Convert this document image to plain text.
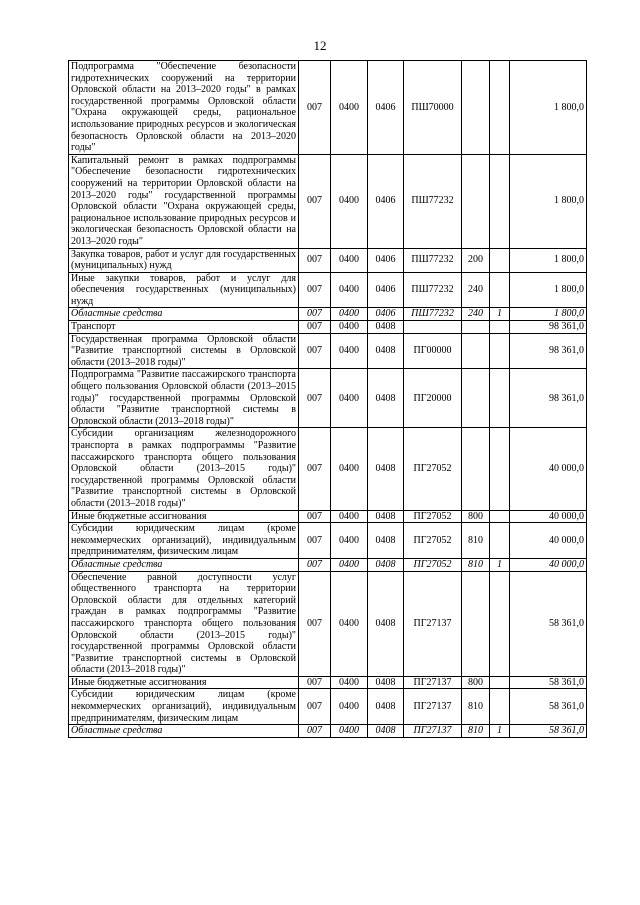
12
Подпрограмма "Обеспечение безопасности гидротехнических сооружений на территории Орловской области на 2013–2020 годы" в рамках государственной программы Орловской области "Охрана окружающей среды, рациональное использование природных ресурсов и экологическая безопасность Орловской области на 2013–2020 годы"	007	0400	0406	ПШ70000			1 800,0
Капитальный ремонт в рамках подпрограммы "Обеспечение безопасности гидротехнических сооружений на территории Орловской области на 2013–2020 годы" государственной программы Орловской области "Охрана окружающей среды, рациональное использование природных ресурсов и экологическая безопасность Орловской области на 2013–2020 годы"	007	0400	0406	ПШ77232			1 800,0
Закупка товаров, работ и услуг для государственных (муниципальных) нужд	007	0400	0406	ПШ77232	200		1 800,0
Иные закупки товаров, работ и услуг для обеспечения государственных (муниципальных) нужд	007	0400	0406	ПШ77232	240		1 800,0
Областные средства	007	0400	0406	ПШ77232	240	1	1 800,0
Транспорт	007	0400	0408				98 361,0
Государственная программа Орловской области "Развитие транспортной системы в Орловской области (2013–2018 годы)"	007	0400	0408	ПГ00000			98 361,0
Подпрограмма "Развитие пассажирского транспорта общего пользования Орловской области (2013–2015 годы)" государственной программы Орловской области "Развитие транспортной системы в Орловской области (2013–2018 годы)"	007	0400	0408	ПГ20000			98 361,0
Субсидии организациям железнодорожного транспорта в рамках подпрограммы "Развитие пассажирского транспорта общего пользования Орловской области (2013–2015 годы)" государственной программы Орловской области "Развитие транспортной системы в Орловской области (2013–2018 годы)"	007	0400	0408	ПГ27052			40 000,0
Иные бюджетные ассигнования	007	0400	0408	ПГ27052	800		40 000,0
Субсидии юридическим лицам (кроме некоммерческих организаций), индивидуальным предпринимателям, физическим лицам	007	0400	0408	ПГ27052	810		40 000,0
Областные средства	007	0400	0408	ПГ27052	810	1	40 000,0
Обеспечение равной доступности услуг общественного транспорта на территории Орловской области для отдельных категорий граждан в рамках подпрограммы "Развитие пассажирского транспорта общего пользования Орловской области (2013–2015 годы)" государственной программы Орловской области "Развитие транспортной системы в Орловской области (2013–2018 годы)"	007	0400	0408	ПГ27137			58 361,0
Иные бюджетные ассигнования	007	0400	0408	ПГ27137	800		58 361,0
Субсидии юридическим лицам (кроме некоммерческих организаций), индивидуальным предпринимателям, физическим лицам	007	0400	0408	ПГ27137	810		58 361,0
Областные средства	007	0400	0408	ПГ27137	810	1	58 361,0
